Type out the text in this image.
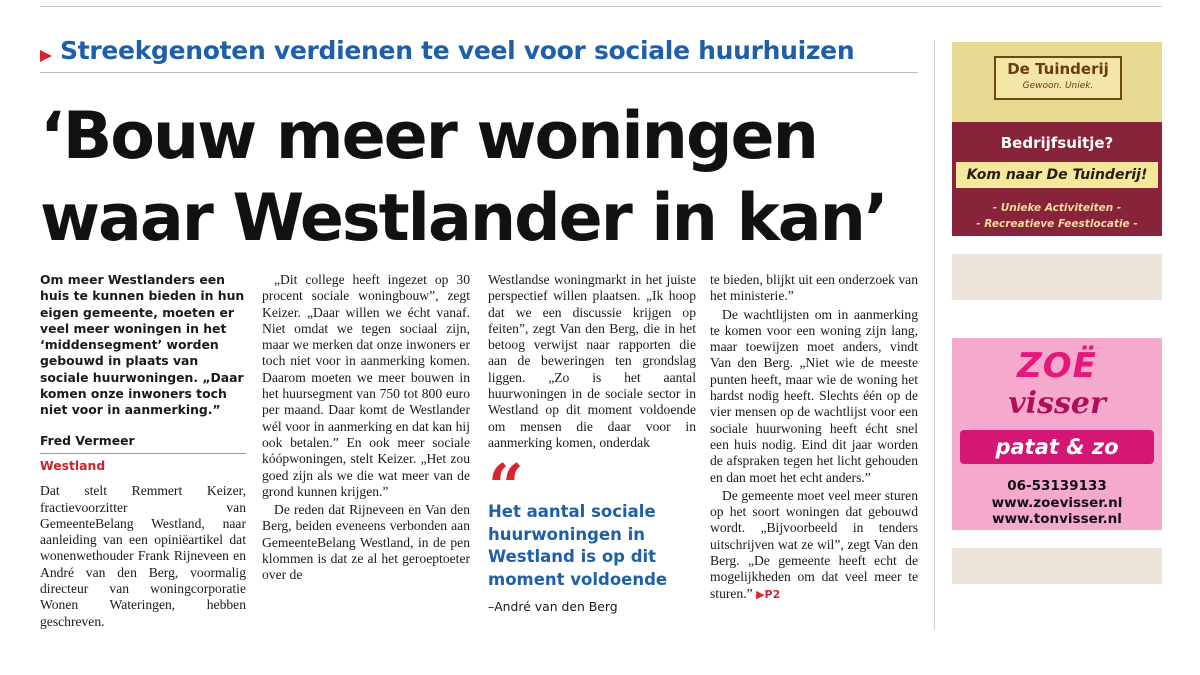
Streekgenoten verdienen te veel voor sociale huurhuizen
‘Bouw meer woningen
waar Westlander in kan’

Om meer Westlanders een huis te kunnen bieden in hun eigen gemeente, moeten er veel meer woningen in het ‘middensegment’ worden gebouwd in plaats van sociale huurwoningen. „Daar komen onze inwoners toch niet voor in aanmerking.”

Fred Vermeer
Westland

Dat stelt Remmert Keizer, fractievoorzitter van GemeenteBelang Westland, naar aanleiding van een opiniëartikel dat wonenwethouder Frank Rijneveen en André van den Berg, voormalig directeur van woningcorporatie Wonen Wateringen, hebben geschreven.

„Dit college heeft ingezet op 30 procent sociale woningbouw”, zegt Keizer. „Daar willen we écht vanaf. Niet omdat we tegen sociaal zijn, maar we merken dat onze inwoners er toch niet voor in aanmerking komen. Daarom moeten we meer bouwen in het huursegment van 750 tot 800 euro per maand. Daar komt de Westlander wél voor in aanmerking en dat kan hij ook betalen.” En ook meer sociale kóópwoningen, stelt Keizer. „Het zou goed zijn als we die wat meer van de grond kunnen krijgen.”

De reden dat Rijneveen en Van den Berg, beiden eveneens verbonden aan GemeenteBelang Westland, in de pen klommen is dat ze al het geroeptoeter over de

Westlandse woningmarkt in het juiste perspectief willen plaatsen. „Ik hoop dat we een discussie krijgen op feiten”, zegt Van den Berg, die in het betoog verwijst naar rapporten die aan de beweringen ten grondslag liggen. „Zo is het aantal huurwoningen in de sociale sector in Westland op dit moment voldoende om mensen die daar voor in aanmerking komen, onderdak

“

Het aantal sociale huurwoningen in Westland is op dit moment voldoende

–André van den Berg

te bieden, blijkt uit een onderzoek van het ministerie.”

De wachtlijsten om in aanmerking te komen voor een woning zijn lang, maar toewijzen moet anders, vindt Van den Berg. „Niet wie de meeste punten heeft, maar wie de woning het hardst nodig heeft. Slechts één op de vier mensen op de wachtlijst voor een sociale huurwoning heeft écht snel een huis nodig. Eind dit jaar worden de afspraken tegen het licht gehouden en dan moet het echt anders.”

De gemeente moet veel meer sturen op het soort woningen dat gebouwd wordt. „Bijvoorbeeld in tenders uitschrijven wat ze wil”, zegt Van den Berg. „De gemeente heeft echt de mogelijkheden om dat veel meer te sturen.” ▶P2

De Tuinderij
Gewoon. Uniek.
Bedrijfsuitje?
Kom naar De Tuinderij!
- Unieke Activiteiten -
- Recreatieve Feestlocatie -
ZOË
visser
patat & zo
06-53139133
www.zoevisser.nl
www.tonvisser.nl
